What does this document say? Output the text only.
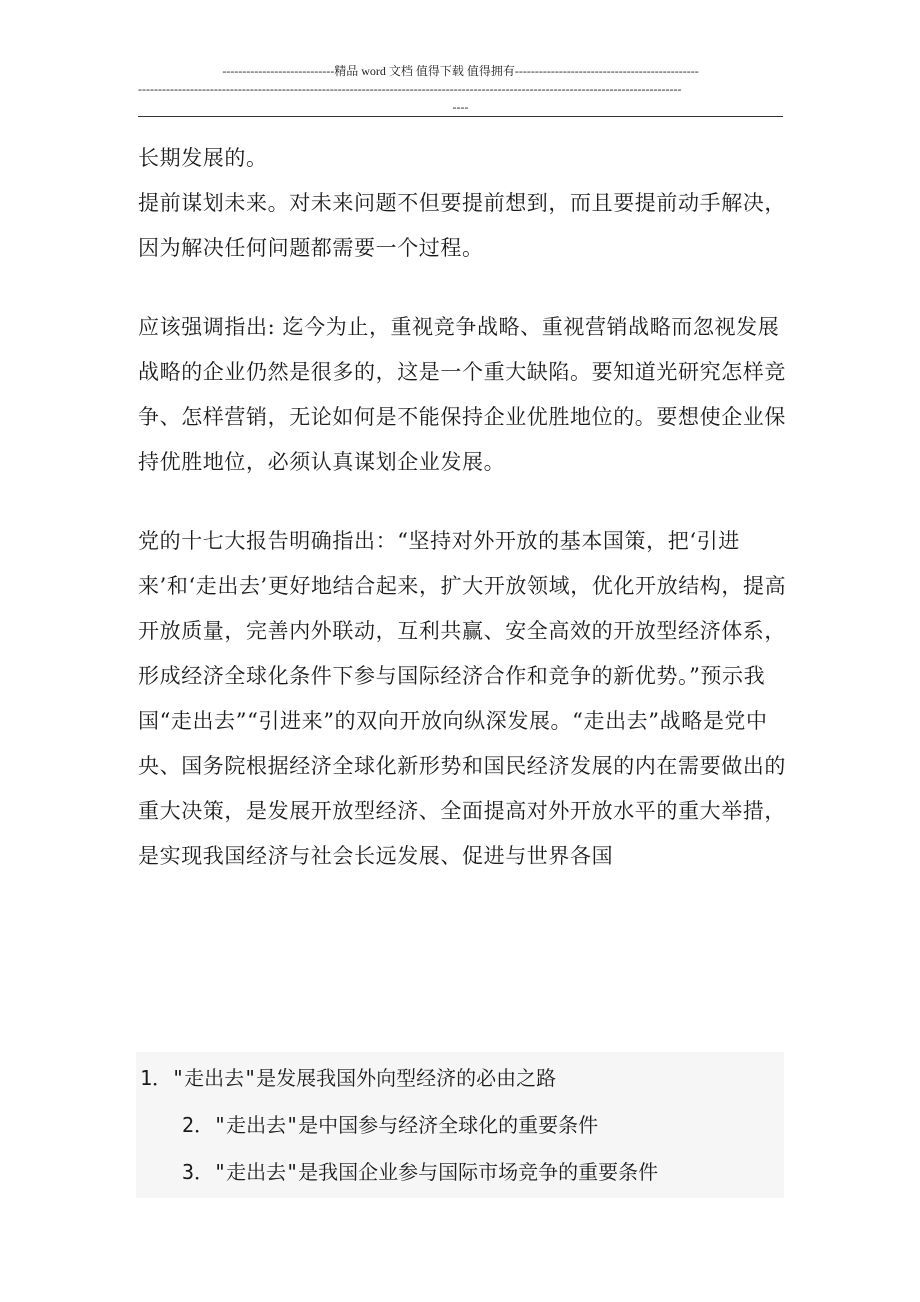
----------------------------精品 word 文档 值得下载 值得拥有----------------------------------------------
----------------------------------------------------------------------------------------------------------------------------------------
----

长期发展的。

提前谋划未来。对未来问题不但要提前想到，而且要提前动手解决，因为解决任何问题都需要一个过程。

应该强调指出: 迄今为止，重视竞争战略、重视营销战略而忽视发展战略的企业仍然是很多的，这是一个重大缺陷。要知道光研究怎样竞争、怎样营销，无论如何是不能保持企业优胜地位的。要想使企业保持优胜地位，必须认真谋划企业发展。

党的十七大报告明确指出：“坚持对外开放的基本国策，把‘引进来’和‘走出去’更好地结合起来，扩大开放领域，优化开放结构，提高开放质量，完善内外联动，互利共赢、安全高效的开放型经济体系，形成经济全球化条件下参与国际经济合作和竞争的新优势。”预示我国“走出去”“引进来”的双向开放向纵深发展。“走出去”战略是党中央、国务院根据经济全球化新形势和国民经济发展的内在需要做出的重大决策，是发展开放型经济、全面提高对外开放水平的重大举措，是实现我国经济与社会长远发展、促进与世界各国

1．"走出去"是发展我国外向型经济的必由之路
2．"走出去"是中国参与经济全球化的重要条件
3．"走出去"是我国企业参与国际市场竞争的重要条件
